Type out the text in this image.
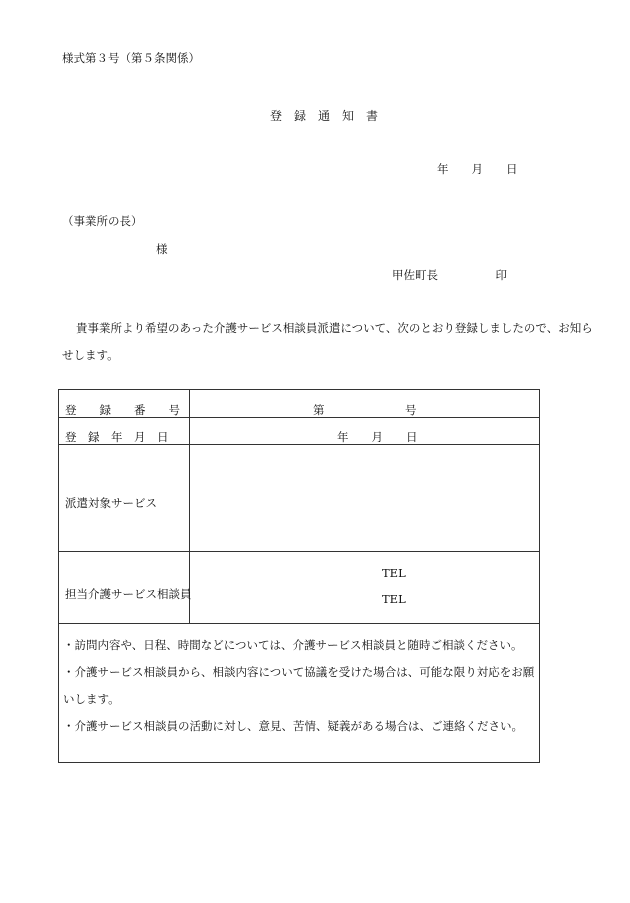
様式第３号（第５条関係）
登　録　通　知　書
年　　月　　日
（事業所の長）
様
甲佐町長　　　　　印
貴事業所より希望のあった介護サービス相談員派遣について、次のとおり登録しましたので、お知らせします。
登　　録　　番　　号	第　　　　　　　号
登　録　年　月　日	年　　月　　日
派遣対象サービス
担当介護サービス相談員
TEL
TEL
・訪問内容や、日程、時間などについては、介護サービス相談員と随時ご相談ください。
・介護サービス相談員から、相談内容について協議を受けた場合は、可能な限り対応をお願いします。
・介護サービス相談員の活動に対し、意見、苦情、疑義がある場合は、ご連絡ください。
